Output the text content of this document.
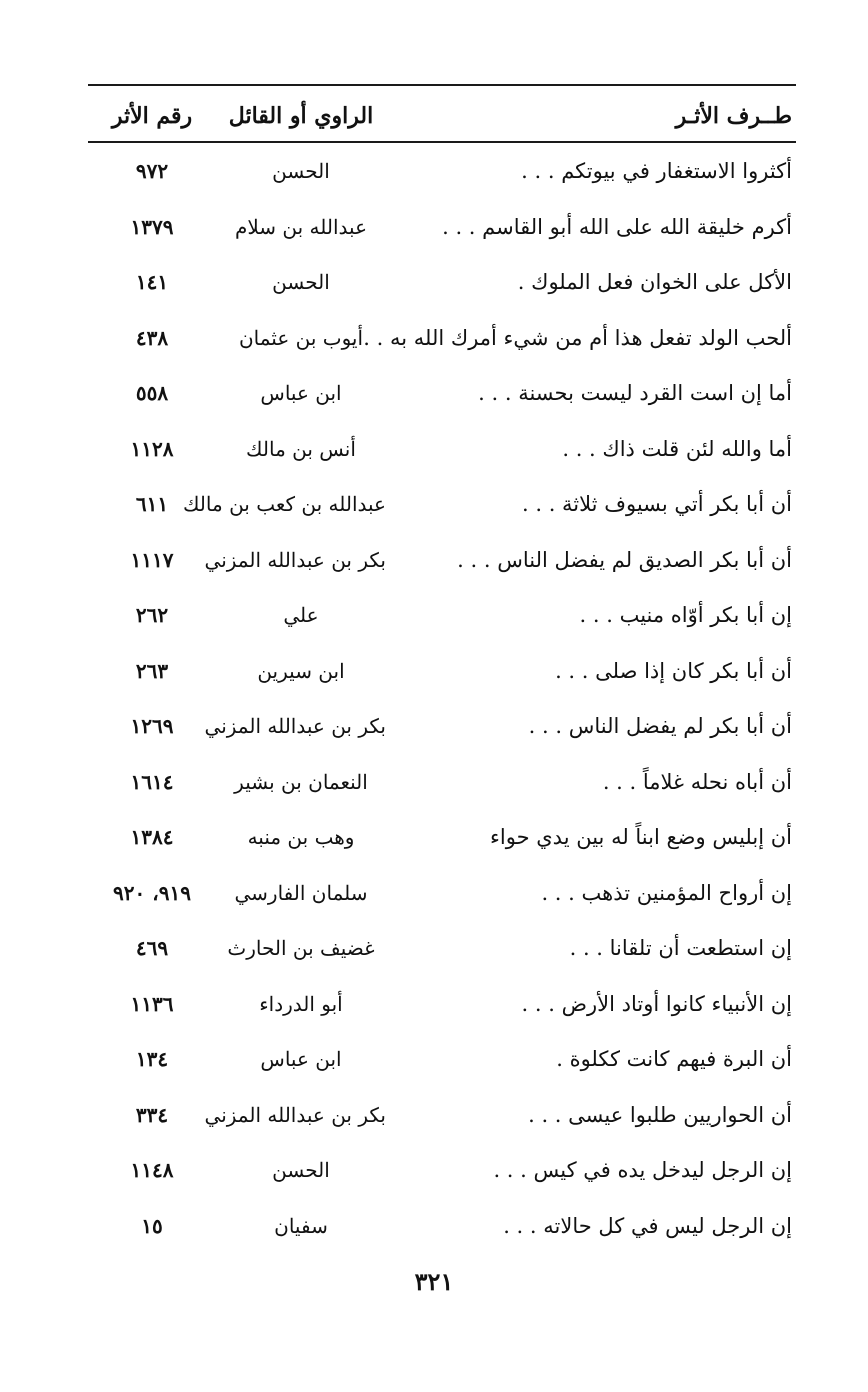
طــرف الأثـر
الراوي أو القائل
رقم الأثر
أكثروا الاستغفار في بيوتكم . . .
الحسن
٩٧٢
أكرم خليقة الله على الله أبو القاسم . . .
عبدالله بن سلام
١٣٧٩
الأكل على الخوان فعل الملوك .
الحسن
١٤١
ألحب الولد تفعل هذا أم من شيء أمرك الله به . . .
أيوب بن عثمان
٤٣٨
أما إن است القرد ليست بحسنة . . .
ابن عباس
٥٥٨
أما والله لئن قلت ذاك . . .
أنس بن مالك
١١٢٨
أن أبا بكر أتي بسيوف ثلاثة . . .
عبدالله بن كعب بن مالك
٦١١
أن أبا بكر الصديق لم يفضل الناس . . .
بكر بن عبدالله المزني
١١١٧
إن أبا بكر أوّاه منيب . . .
علي
٢٦٢
أن أبا بكر كان إذا صلى . . .
ابن سيرين
٢٦٣
أن أبا بكر لم يفضل الناس . . .
بكر بن عبدالله المزني
١٢٦٩
أن أباه نحله غلاماً . . .
النعمان بن بشير
١٦١٤
أن إبليس وضع ابناً له بين يدي حواء
وهب بن منبه
١٣٨٤
إن أرواح المؤمنين تذهب . . .
سلمان الفارسي
٩١٩، ٩٢٠
إن استطعت أن تلقانا . . .
غضيف بن الحارث
٤٦٩
إن الأنبياء كانوا أوتاد الأرض . . .
أبو الدرداء
١١٣٦
أن البرة فيهم كانت ككلوة .
ابن عباس
١٣٤
أن الحواريين طلبوا عيسى . . .
بكر بن عبدالله المزني
٣٣٤
إن الرجل ليدخل يده في كيس . . .
الحسن
١١٤٨
إن الرجل ليس في كل حالاته . . .
سفيان
١٥
٣٢١
